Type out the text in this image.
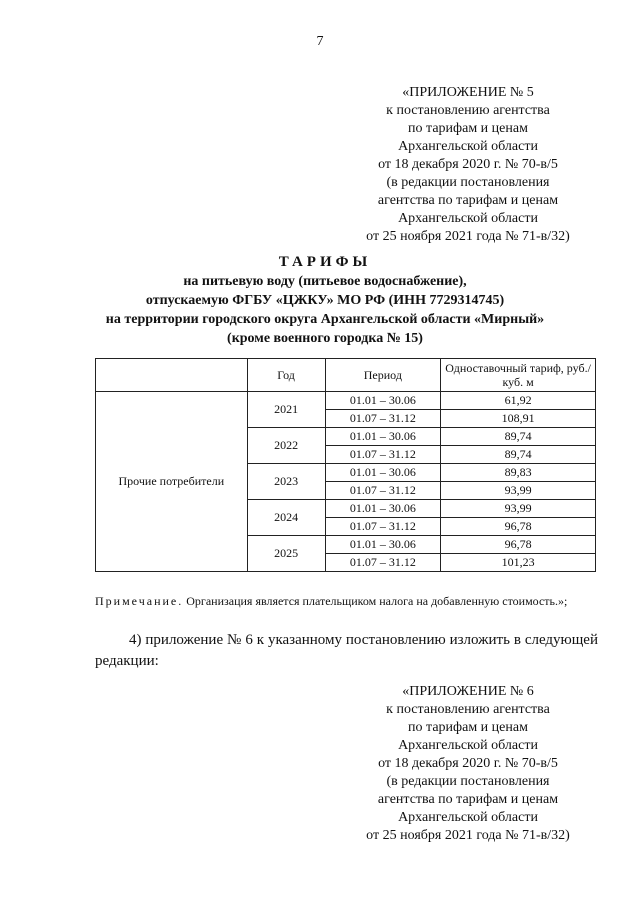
7
«ПРИЛОЖЕНИЕ № 5
к постановлению агентства
по тарифам и ценам
Архангельской области
от 18 декабря 2020 г. № 70-в/5
(в редакции постановления
агентства по тарифам и ценам
Архангельской области
от 25 ноября 2021 года № 71-в/32)
ТАРИФЫ
на питьевую воду (питьевое водоснабжение),
отпускаемую ФГБУ «ЦЖКУ» МО РФ (ИНН 7729314745)
на территории городского округа Архангельской области «Мирный»
(кроме военного городка № 15)
	Год	Период	Одноставочный тариф, руб./куб. м
Прочие потребители	2021	01.01 – 30.06	61,92
		01.07 – 31.12	108,91
	2022	01.01 – 30.06	89,74
		01.07 – 31.12	89,74
	2023	01.01 – 30.06	89,83
		01.07 – 31.12	93,99
	2024	01.01 – 30.06	93,99
		01.07 – 31.12	96,78
	2025	01.01 – 30.06	96,78
		01.07 – 31.12	101,23
Примечание. Организация является плательщиком налога на добавленную стоимость.»;
4) приложение № 6 к указанному постановлению изложить в следующей редакции:
«ПРИЛОЖЕНИЕ № 6
к постановлению агентства
по тарифам и ценам
Архангельской области
от 18 декабря 2020 г. № 70-в/5
(в редакции постановления
агентства по тарифам и ценам
Архангельской области
от 25 ноября 2021 года № 71-в/32)
